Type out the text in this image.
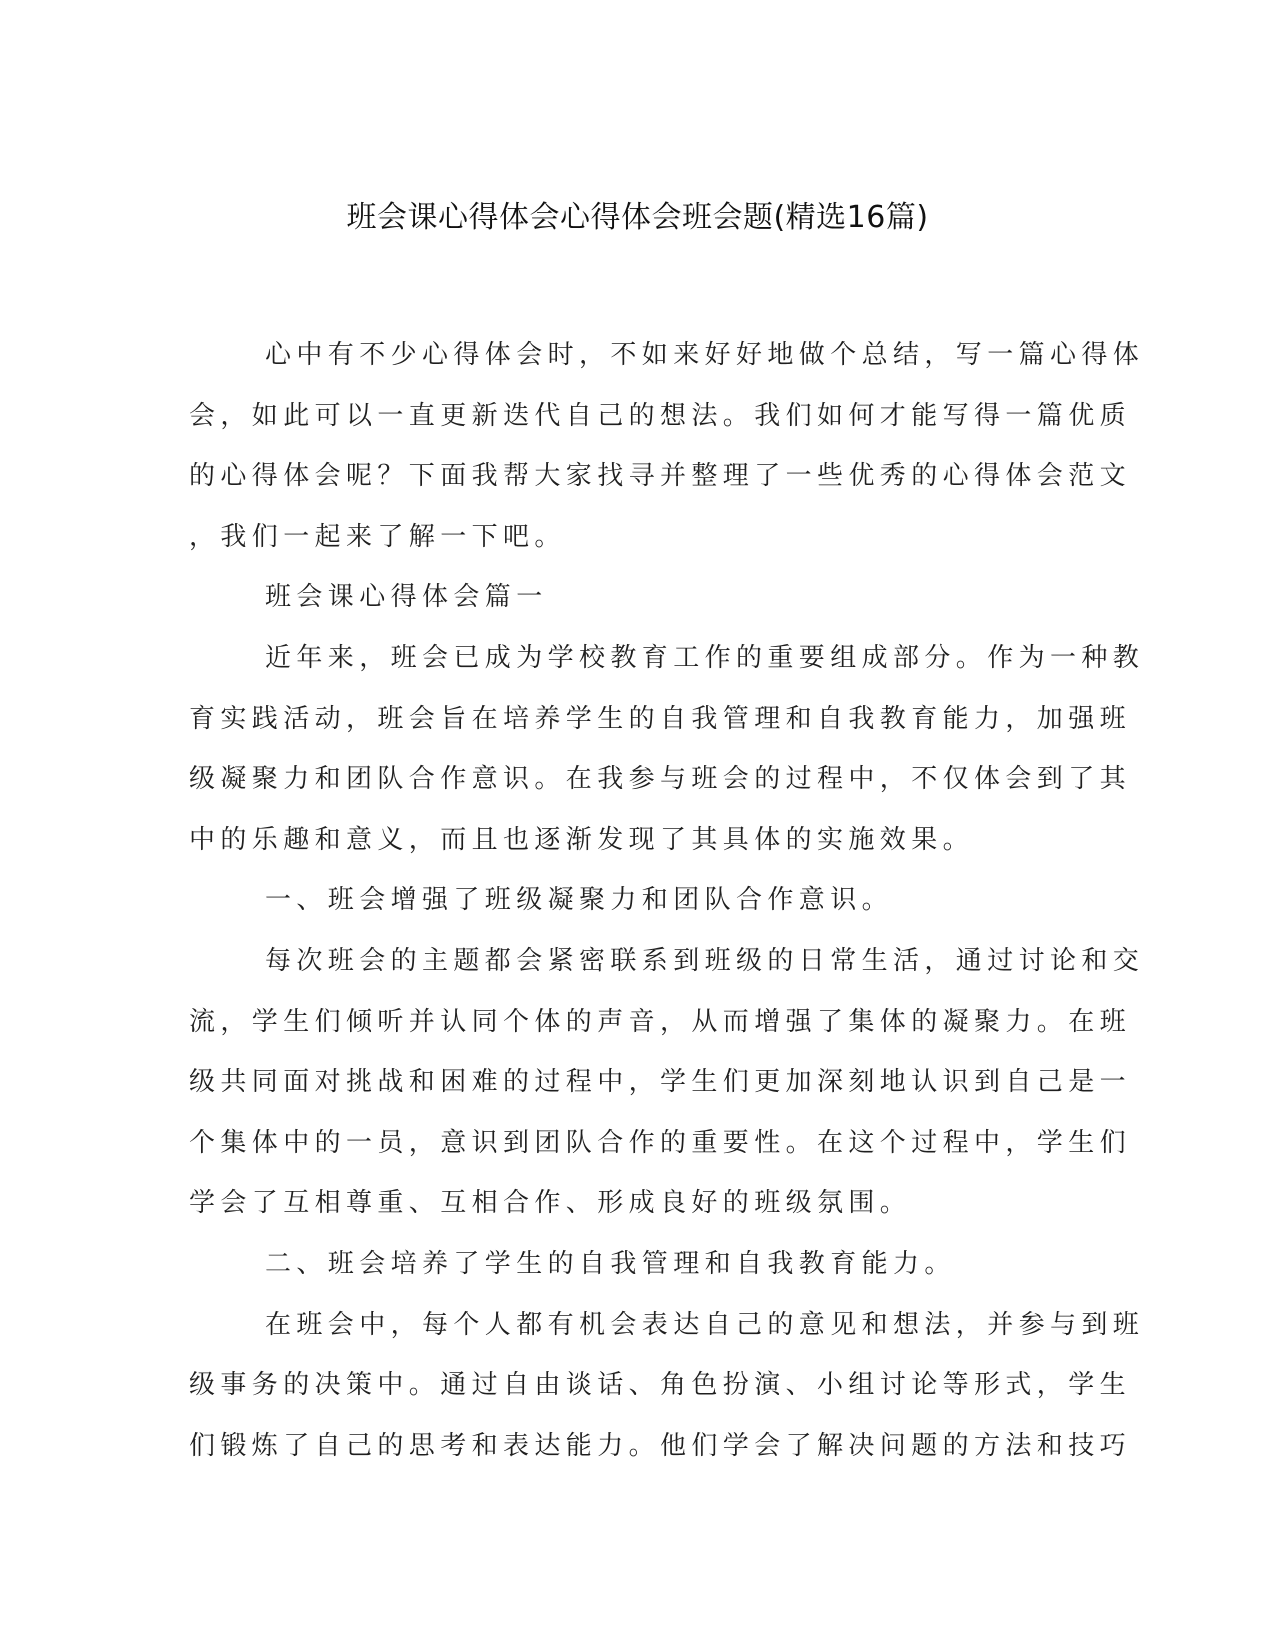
班会课心得体会心得体会班会题(精选16篇)
心中有不少心得体会时，不如来好好地做个总结，写一篇心得体
会，如此可以一直更新迭代自己的想法。我们如何才能写得一篇优质
的心得体会呢？下面我帮大家找寻并整理了一些优秀的心得体会范文
，我们一起来了解一下吧。
班会课心得体会篇一
近年来，班会已成为学校教育工作的重要组成部分。作为一种教
育实践活动，班会旨在培养学生的自我管理和自我教育能力，加强班
级凝聚力和团队合作意识。在我参与班会的过程中，不仅体会到了其
中的乐趣和意义，而且也逐渐发现了其具体的实施效果。
一、班会增强了班级凝聚力和团队合作意识。
每次班会的主题都会紧密联系到班级的日常生活，通过讨论和交
流，学生们倾听并认同个体的声音，从而增强了集体的凝聚力。在班
级共同面对挑战和困难的过程中，学生们更加深刻地认识到自己是一
个集体中的一员，意识到团队合作的重要性。在这个过程中，学生们
学会了互相尊重、互相合作、形成良好的班级氛围。
二、班会培养了学生的自我管理和自我教育能力。
在班会中，每个人都有机会表达自己的意见和想法，并参与到班
级事务的决策中。通过自由谈话、角色扮演、小组讨论等形式，学生
们锻炼了自己的思考和表达能力。他们学会了解决问题的方法和技巧
